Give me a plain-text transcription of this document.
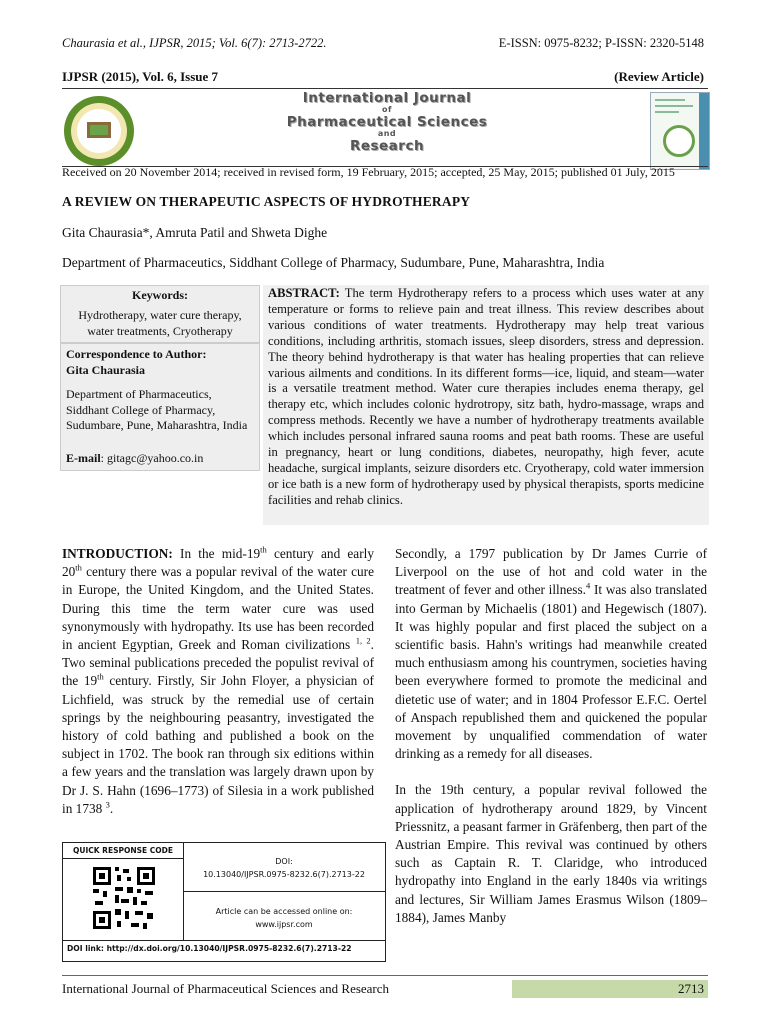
Chaurasia et al., IJPSR, 2015; Vol. 6(7): 2713-2722.	E-ISSN: 0975-8232; P-ISSN: 2320-5148
IJPSR (2015), Vol. 6, Issue 7	(Review Article)
International Journal
of
Pharmaceutical Sciences
and
Research
Received on 20 November 2014; received in revised form, 19 February, 2015; accepted, 25 May, 2015; published 01 July, 2015
A REVIEW ON THERAPEUTIC ASPECTS OF HYDROTHERAPY
Gita Chaurasia*, Amruta Patil and Shweta Dighe
Department of Pharmaceutics, Siddhant College of Pharmacy, Sudumbare, Pune, Maharashtra, India
Keywords:
Hydrotherapy, water cure therapy,
water treatments, Cryotherapy
Correspondence to Author:
Gita Chaurasia
Department of Pharmaceutics,
Siddhant College of Pharmacy,
Sudumbare, Pune, Maharashtra, India
E-mail: gitagc@yahoo.co.in
ABSTRACT: The term Hydrotherapy refers to a process which uses water at any temperature or forms to relieve pain and treat illness. This review describes about various conditions of water treatments. Hydrotherapy may help treat various conditions, including arthritis, stomach issues, sleep disorders, stress and depression. The theory behind hydrotherapy is that water has healing properties that can relieve various ailments and conditions. In its different forms—ice, liquid, and steam—water is a versatile treatment method. Water cure therapies includes enema therapy, gel therapy etc, which includes colonic hydrotropy, sitz bath, hydro-massage, wraps and compress methods. Recently we have a number of hydrotherapy treatments available which includes personal infrared sauna rooms and peat bath rooms. These are useful in pregnancy, heart or lung conditions, diabetes, neuropathy, high fever, acute headache, surgical implants, seizure disorders etc. Cryotherapy, cold water immersion or ice bath is a new form of hydrotherapy used by physical therapists, sports medicine facilities and rehab clinics.

INTRODUCTION: In the mid-19th century and early 20th century there was a popular revival of the water cure in Europe, the United Kingdom, and the United States. During this time the term water cure was used synonymously with hydropathy. Its use has been recorded in ancient Egyptian, Greek and Roman civilizations $^{1, 2}$. Two seminal publications preceded the populist revival of the 19th century. Firstly, Sir John Floyer, a physician of Lichfield, was struck by the remedial use of certain springs by the neighbouring peasantry, investigated the history of cold bathing and published a book on the subject in 1702. The book ran through six editions within a few years and the translation was largely drawn upon by Dr J. S. Hahn (1696–1773) of Silesia in a work published in 1738 $^3$.

QUICK RESPONSE CODE
DOI:
10.13040/IJPSR.0975-8232.6(7).2713-22
Article can be accessed online on:
www.ijpsr.com
DOI link: http://dx.doi.org/10.13040/IJPSR.0975-8232.6(7).2713-22

Secondly, a 1797 publication by Dr James Currie of Liverpool on the use of hot and cold water in the treatment of fever and other illness.$^4$ It was also translated into German by Michaelis (1801) and Hegewisch (1807). It was highly popular and first placed the subject on a scientific basis. Hahn's writings had meanwhile created much enthusiasm among his countrymen, societies having been everywhere formed to promote the medicinal and dietetic use of water; and in 1804 Professor E.F.C. Oertel of Anspach republished them and quickened the popular movement by unqualified commendation of water drinking as a remedy for all diseases.

In the 19th century, a popular revival followed the application of hydrotherapy around 1829, by Vincent Priessnitz, a peasant farmer in Gräfenberg, then part of the Austrian Empire. This revival was continued by others such as Captain R. T. Claridge, who introduced hydropathy into England in the early 1840s via writings and lectures, Sir William James Erasmus Wilson (1809–1884), James Manby

International Journal of Pharmaceutical Sciences and Research	2713
